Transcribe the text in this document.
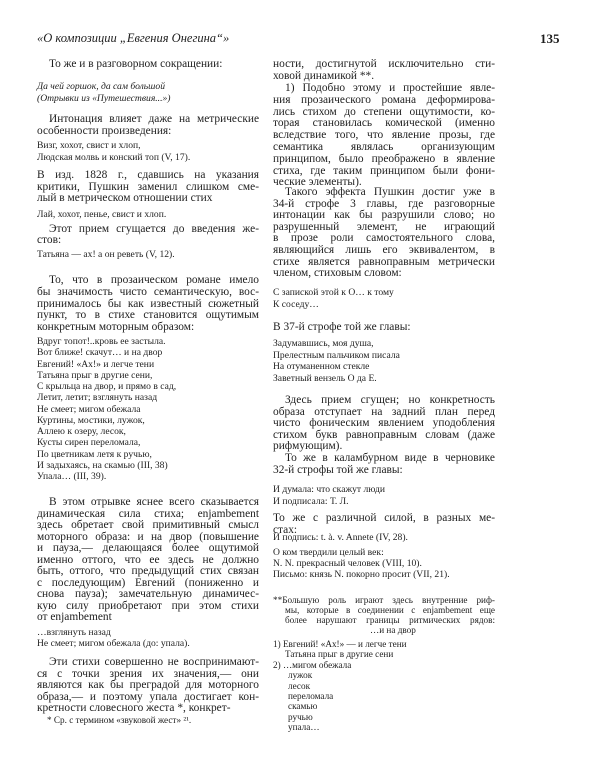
«О композиции „Евгения Онегина“»	135
То же и в разговорном сокращении:
Да чей горшок, да сам большой
(Отрывки из «Путешествия...»)
Интонация влияет даже на метрические
особенности произведения:
Визг, хохот, свист и хлоп,
Людская молвь и конский топ (V, 17).
В изд. 1828 г., сдавшись на указания
критики, Пушкин заменил слишком сме-
лый в метрическом отношении стих
Лай, хохот, пенье, свист и хлоп.
Этот прием сгущается до введения же-
стов:
Татьяна — ах! а он реветь (V, 12).
То, что в прозаическом романе имело
бы значимость чисто семантическую, вос-
принималось бы как известный сюжетный
пункт, то в стихе становится ощутимым
конкретным моторным образом:
Вдруг топот!..кровь ее застыла.
Вот ближе! скачут… и на двор
Евгений! «Ах!» и легче тени
Татьяна прыг в другие сени,
С крыльца на двор, и прямо в сад,
Летит, летит; взглянуть назад
Не смеет; мигом обежала
Куртины, мостики, лужок,
Аллею к озеру, лесок,
Кусты сирен переломала,
По цветникам летя к ручью,
И задыхаясь, на скамью (III, 38)
Упала… (III, 39).
В этом отрывке яснее всего сказывается
динамическая сила стиха; enjambement
здесь обретает свой примитивный смысл
моторного образа: и на двор (повышение
и пауза,— делающаяся более ощутимой
именно оттого, что ее здесь не должно
быть, оттого, что предыдущий стих связан
с последующим) Евгений (пониженно и
снова пауза); замечательную динамичес-
кую силу приобретают при этом стихи
от enjambement
…взглянуть назад
Не смеет; мигом обежала (до: упала).
Эти стихи совершенно не воспринимают-
ся с точки зрения их значения,— они
являются как бы преградой для моторного
образа,— и поэтому упала достигает кон-
кретности словесного жеста *, конкрет-
* Ср. с термином «звуковой жест» ²¹.
ности, достигнутой исключительно сти-
ховой динамикой **.
1) Подобно этому и простейшие явле-
ния прозаического романа деформирова-
лись стихом до степени ощутимости, ко-
торая становилась комической (именно
вследствие того, что явление прозы, где
семантика являлась организующим
принципом, было преображено в явление
стиха, где таким принципом были фони-
ческие элементы).
Такого эффекта Пушкин достиг уже в
34-й строфе 3 главы, где разговорные
интонации как бы разрушили слово; но
разрушенный элемент, не играющий
в прозе роли самостоятельного слова,
являющийся лишь его эквивалентом, в
стихе является равноправным метрически
членом, стиховым словом:
С запиской этой к О… к тому
К соседу…
В 37-й строфе той же главы:
Задумавшись, моя душа,
Прелестным пальчиком писала
На отуманенном стекле
Заветный вензель О да Е.
Здесь прием сгущен; но конкретность
образа отступает на задний план перед
чисто фоническим явлением уподобления
стихом букв равноправным словам (даже
рифмующим).
То же в каламбурном виде в черновике
32-й строфы той же главы:
И думала: что скажут люди
И подписала: Т. Л.
То же с различной силой, в разных ме-
стах:
И подпись: t. à. v. Annete (IV, 28).
О ком твердили целый век:
N. N. прекрасный человек (VIII, 10).
Письмо: князь N. покорно просит (VII, 21).
**Большую роль играют здесь внутренние риф-
мы, которые в соединении с enjambement еще
более нарушают границы ритмических рядов:
…и на двор
1) Евгений! «Ах!» — и легче тени
Татьяна прыг в другие сени
2) …мигом обежала
лужок
лесок
переломала
скамью
ручью
упала…
